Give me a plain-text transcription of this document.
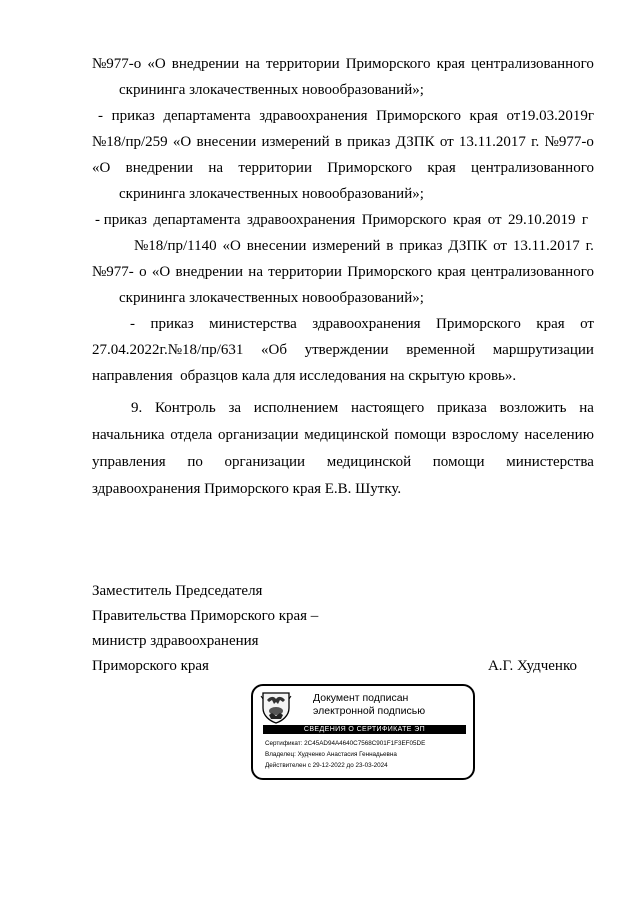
№977-о «О внедрении на территории Приморского края централизованного
скрининга злокачественных новообразований»;
- приказ департамента здравоохранения Приморского края от19.03.2019г
№18/пр/259 «О внесении измерений в приказ ДЗПК от 13.11.2017 г. №977-о
«О внедрении на территории Приморского края централизованного
скрининга злокачественных новообразований»;
- приказ департамента здравоохранения Приморского края от 29.10.2019 г
№18/пр/1140 «О внесении измерений в приказ ДЗПК от 13.11.2017 г.
№977- о «О внедрении на территории Приморского края централизованного
скрининга злокачественных новообразований»;
- приказ министерства здравоохранения Приморского края от
27.04.2022г.№18/пр/631 «Об утверждении временной маршрутизации
направления  образцов кала для исследования на скрытую кровь».
9. Контроль за исполнением настоящего приказа возложить на
начальника отдела организации медицинской помощи взрослому населению
управления по организации медицинской помощи министерства
здравоохранения Приморского края Е.В. Шутку.
Заместитель Председателя
Правительства Приморского края –
министр здравоохранения
Приморского края	А.Г. Худченко
Документ подписан
электронной подписью
СВЕДЕНИЯ О СЕРТИФИКАТЕ ЭП
Сертификат: 2C45AD94A4640C7568C901F1F3EF05DE
Владелец: Худченко Анастасия Геннадьевна
Действителен с 29-12-2022 до 23-03-2024
